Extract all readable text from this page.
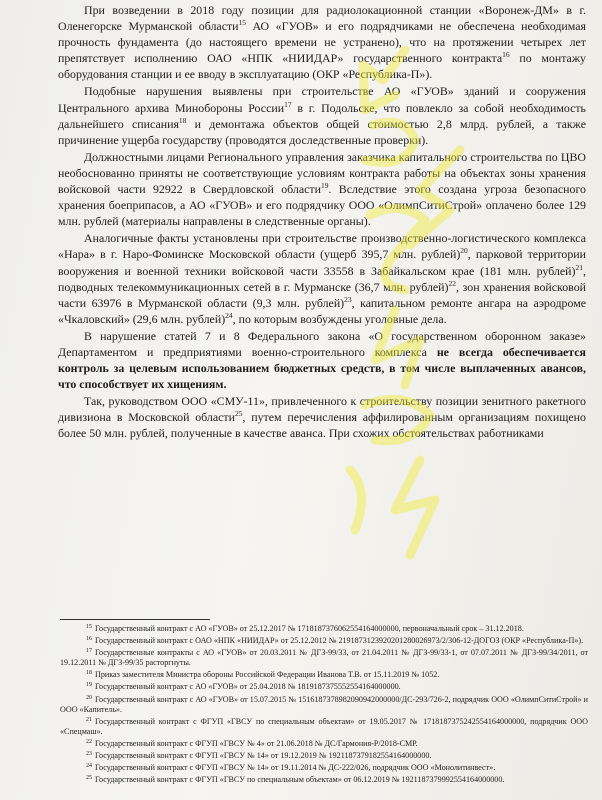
При возведении в 2018 году позиции для радиолокационной станции «Воронеж-ДМ» в г. Оленегорске Мурманской области$^{15}$ АО «ГУОВ» и его подрядчиками не обеспечена необходимая прочность фундамента (до настоящего времени не устранено), что на протяжении четырех лет препятствует исполнению ОАО «НПК «НИИДАР» государственного контракта$^{16}$ по монтажу оборудования станции и ее вводу в эксплуатацию (ОКР «Республика-П»).

Подобные нарушения выявлены при строительстве АО «ГУОВ» зданий и сооружения Центрального архива Минобороны России$^{17}$ в г. Подольске, что повлекло за собой необходимость дальнейшего списания$^{18}$ и демонтажа объектов общей стоимостью 2,8 млрд. рублей, а также причинение ущерба государству (проводятся доследственные проверки).

Должностными лицами Регионального управления заказчика капитального строительства по ЦВО необоснованно приняты не соответствующие условиям контракта работы на объектах зоны хранения войсковой части 92922 в Свердловской области$^{19}$. Вследствие этого создана угроза безопасного хранения боеприпасов, а АО «ГУОВ» и его подрядчику ООО «ОлимпСитиСтрой» оплачено более 129 млн. рублей (материалы направлены в следственные органы).

Аналогичные факты установлены при строительстве производственно-логистического комплекса «Нара» в г. Наро-Фоминске Московской области (ущерб 395,7 млн. рублей)$^{20}$, парковой территории вооружения и военной техники войсковой части 33558 в Забайкальском крае (181 млн. рублей)$^{21}$, подводных телекоммуникационных сетей в г. Мурманске (36,7 млн. рублей)$^{22}$, зон хранения войсковой части 63976 в Мурманской области (9,3 млн. рублей)$^{23}$, капитальном ремонте ангара на аэродроме «Чкаловский» (29,6 млн. рублей)$^{24}$, по которым возбуждены уголовные дела.

В нарушение статей 7 и 8 Федерального закона «О государственном оборонном заказе» Департаментом и предприятиями военно-строительного комплекса не всегда обеспечивается контроль за целевым использованием бюджетных средств, в том числе выплаченных авансов, что способствует их хищениям.

Так, руководством ООО «СМУ-11», привлеченного к строительству позиции зенитного ракетного дивизиона в Московской области$^{25}$, путем перечисления аффилированным организациям похищено более 50 млн. рублей, полученные в качестве аванса. При схожих обстоятельствах работниками

$^{15}$ Государственный контракт с АО «ГУОВ» от 25.12.2017 № 1718187376062554164000000, первоначальный срок – 31.12.2018.
$^{16}$ Государственный контракт с ОАО «НПК «НИИДАР» от 25.12.2012 № 2191873123920201280026973/2/306-12-ДОГОЗ (ОКР «Республика-П»).
$^{17}$ Государственные контракты с АО «ГУОВ» от 20.03.2011 № ДГЗ-99/33, от 21.04.2011 № ДГЗ-99/33-1, от 07.07.2011 № ДГЗ-99/34/2011, от 19.12.2011 № ДГЗ-99/35 расторгнуты.
$^{18}$ Приказ заместителя Министра обороны Российской Федерации Иванова Т.В. от 15.11.2019 № 1052.
$^{19}$ Государственный контракт с АО «ГУОВ» от 25.04.2018 № 1819187375552554164000000.
$^{20}$ Государственный контракт с АО «ГУОВ» от 15.07.2015 № 1516187378982090942000000/ДС-293/726-2, подрядчик ООО «ОлимпСитиСтрой» и ООО «Капитель».
$^{21}$ Государственный контракт с ФГУП «ГВСУ по специальным объектам» от 19.05.2017 № 1718187375242554164000000, подрядчик ООО «Спецмаш».
$^{22}$ Государственный контракт с ФГУП «ГВСУ № 4» от 21.06.2018 № ДС/Гармония-Р/2018-СМР.
$^{23}$ Государственный контракт с ФГУП «ГВСУ № 14» от 19.12.2019 № 1921187379182554164000000.
$^{24}$ Государственный контракт с ФГУП «ГВСУ № 14» от 19.11.2014 № ДС-222/026, подрядчик ООО «Монолитинвест».
$^{25}$ Государственный контракт с ФГУП «ГВСУ по специальным объектам» от 06.12.2019 № 1921187379992554164000000.
